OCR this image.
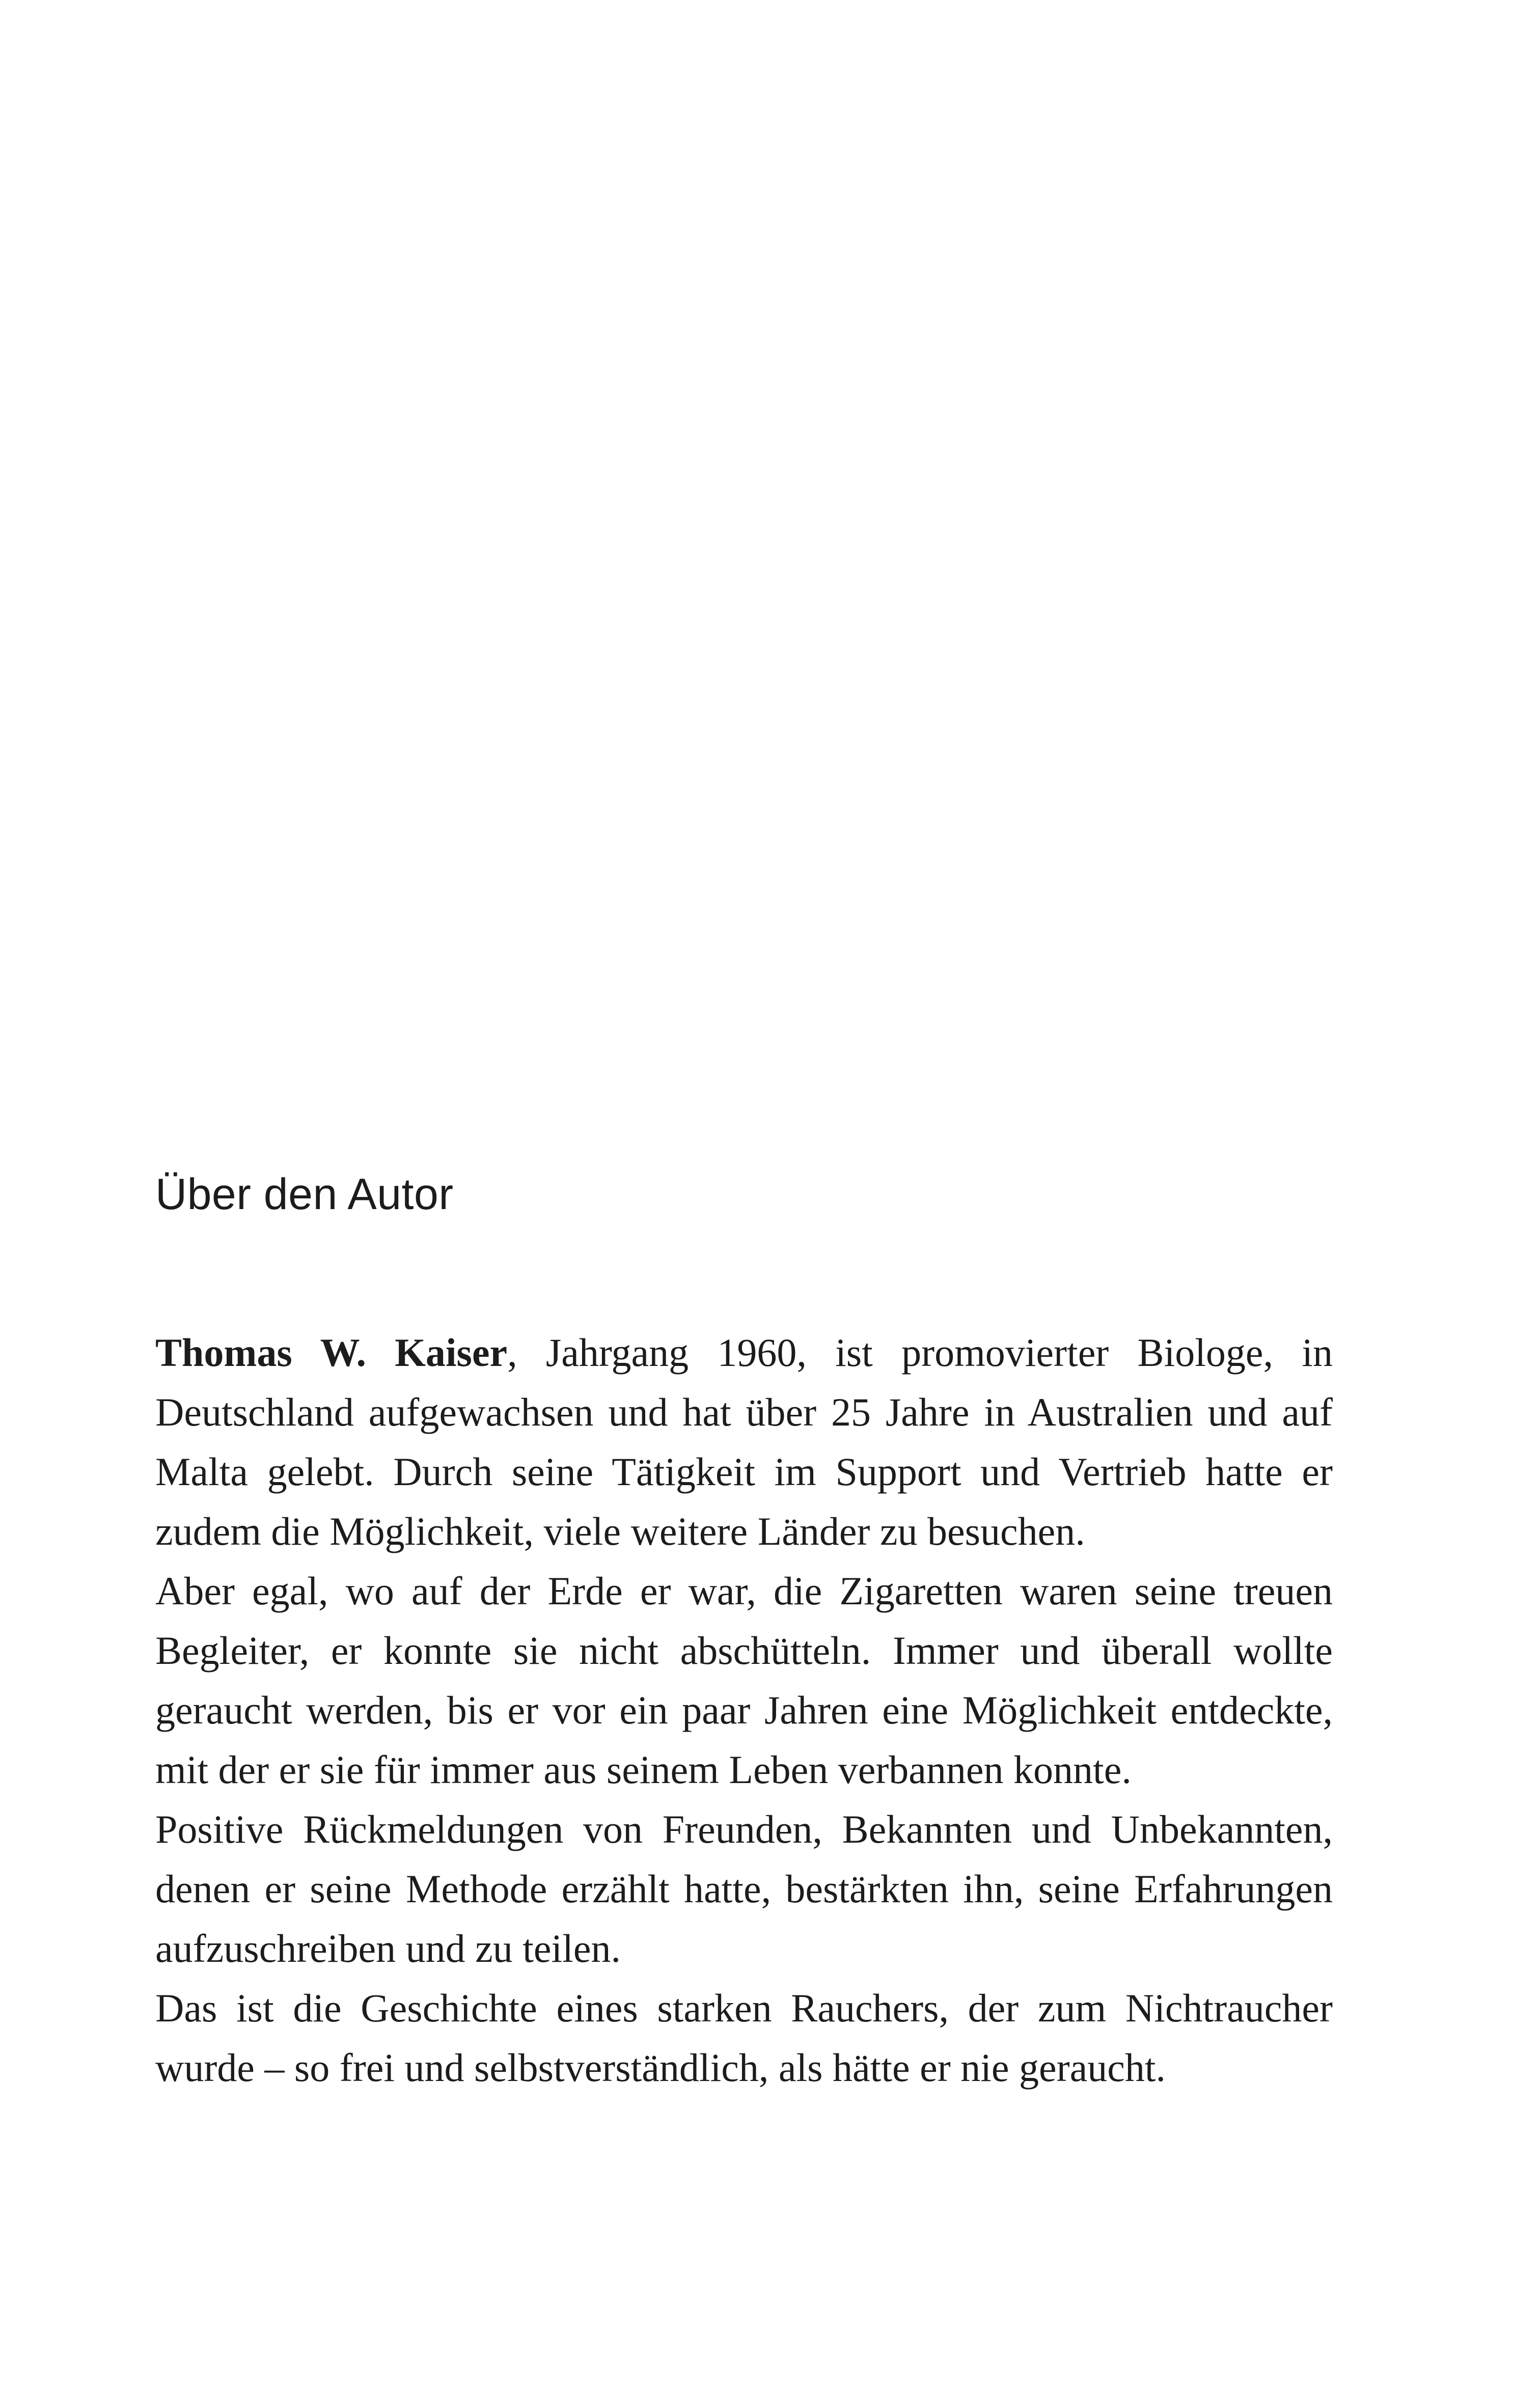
Über den Autor

Thomas W. Kaiser, Jahrgang 1960, ist promovierter Biologe, in Deutschland aufgewachsen und hat über 25 Jahre in Australien und auf Malta gelebt. Durch seine Tätigkeit im Support und Vertrieb hatte er zudem die Möglichkeit, viele weitere Länder zu besuchen.

Aber egal, wo auf der Erde er war, die Zigaretten waren seine treuen Begleiter, er konnte sie nicht abschütteln. Immer und überall wollte geraucht werden, bis er vor ein paar Jahren eine Möglichkeit entdeckte, mit der er sie für immer aus seinem Leben verbannen konnte.

Positive Rückmeldungen von Freunden, Bekannten und Unbekannten, denen er seine Methode erzählt hatte, bestärkten ihn, seine Erfahrungen aufzuschreiben und zu teilen.

Das ist die Geschichte eines starken Rauchers, der zum Nichtraucher wurde – so frei und selbstverständlich, als hätte er nie geraucht.
